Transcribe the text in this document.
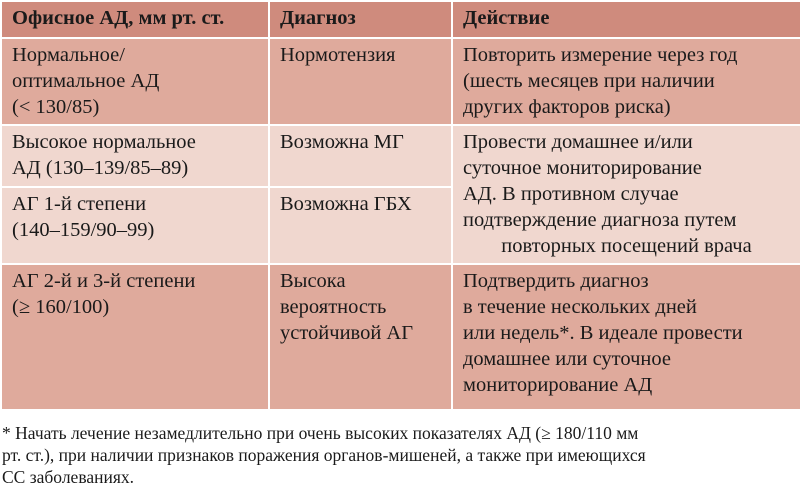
Офисное АД, мм рт. ст.	Диагноз	Действие

Нормальное/
оптимальное АД
(< 130/85)	Нормотензия	Повторить измерение через год
(шесть месяцев при наличии
других факторов риска)

Высокое нормальное
АД (130–139/85–89)	Возможна МГ	Провести домашнее и/или
суточное мониторирование
АД. В противном случае
подтверждение диагноза путем
повторных посещений врача

АГ 1-й степени
(140–159/90–99)	Возможна ГБХ	

АГ 2-й и 3-й степени
(≥ 160/100)	Высока
вероятность
устойчивой АГ	Подтвердить диагноз
в течение нескольких дней
или недель*. В идеале провести
домашнее или суточное
мониторирование АД
* Начать лечение незамедлительно при очень высоких показателях АД (≥ 180/110 мм
рт. ст.), при наличии признаков поражения органов-мишеней, а также при имеющихся
СС заболеваниях.
